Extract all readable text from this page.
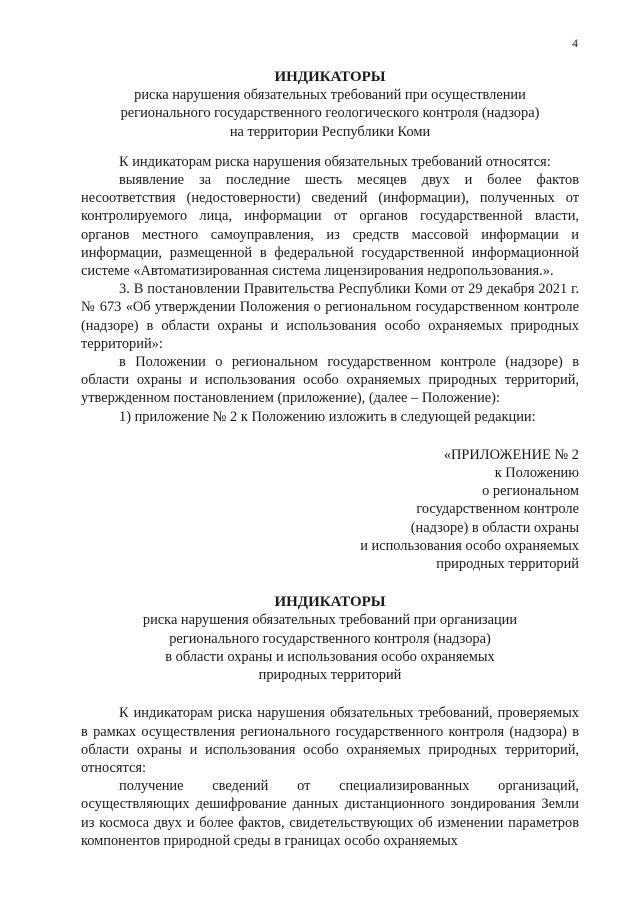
4

ИНДИКАТОРЫ

риска нарушения обязательных требований при осуществлении

регионального государственного геологического контроля (надзора)

на территории Республики Коми

К индикаторам риска нарушения обязательных требований относятся:

выявление за последние шесть месяцев двух и более фактов несоответствия (недостоверности) сведений (информации), полученных от контролируемого лица, информации от органов государственной власти, органов местного самоуправления, из средств массовой информации и информации, размещенной в федеральной государственной информационной системе «Автоматизированная система лицензирования недропользования.».

3. В постановлении Правительства Республики Коми от 29 декабря 2021 г. № 673 «Об утверждении Положения о региональном государственном контроле (надзоре) в области охраны и использования особо охраняемых природных территорий»:

в Положении о региональном государственном контроле (надзоре) в области охраны и использования особо охраняемых природных территорий, утвержденном постановлением (приложение), (далее – Положение):

1) приложение № 2 к Положению изложить в следующей редакции:

«ПРИЛОЖЕНИЕ № 2
к Положению
о региональном
государственном контроле
(надзоре) в области охраны
и использования особо охраняемых
природных территорий

ИНДИКАТОРЫ

риска нарушения обязательных требований при организации

регионального государственного контроля (надзора)

в области охраны и использования особо охраняемых

природных территорий

К индикаторам риска нарушения обязательных требований, проверяемых в рамках осуществления регионального государственного контроля (надзора) в области охраны и использования особо охраняемых природных территорий, относятся:

получение сведений от специализированных организаций, осуществляющих дешифрование данных дистанционного зондирования Земли из космоса двух и более фактов, свидетельствующих об изменении параметров компонентов природной среды в границах особо охраняемых
